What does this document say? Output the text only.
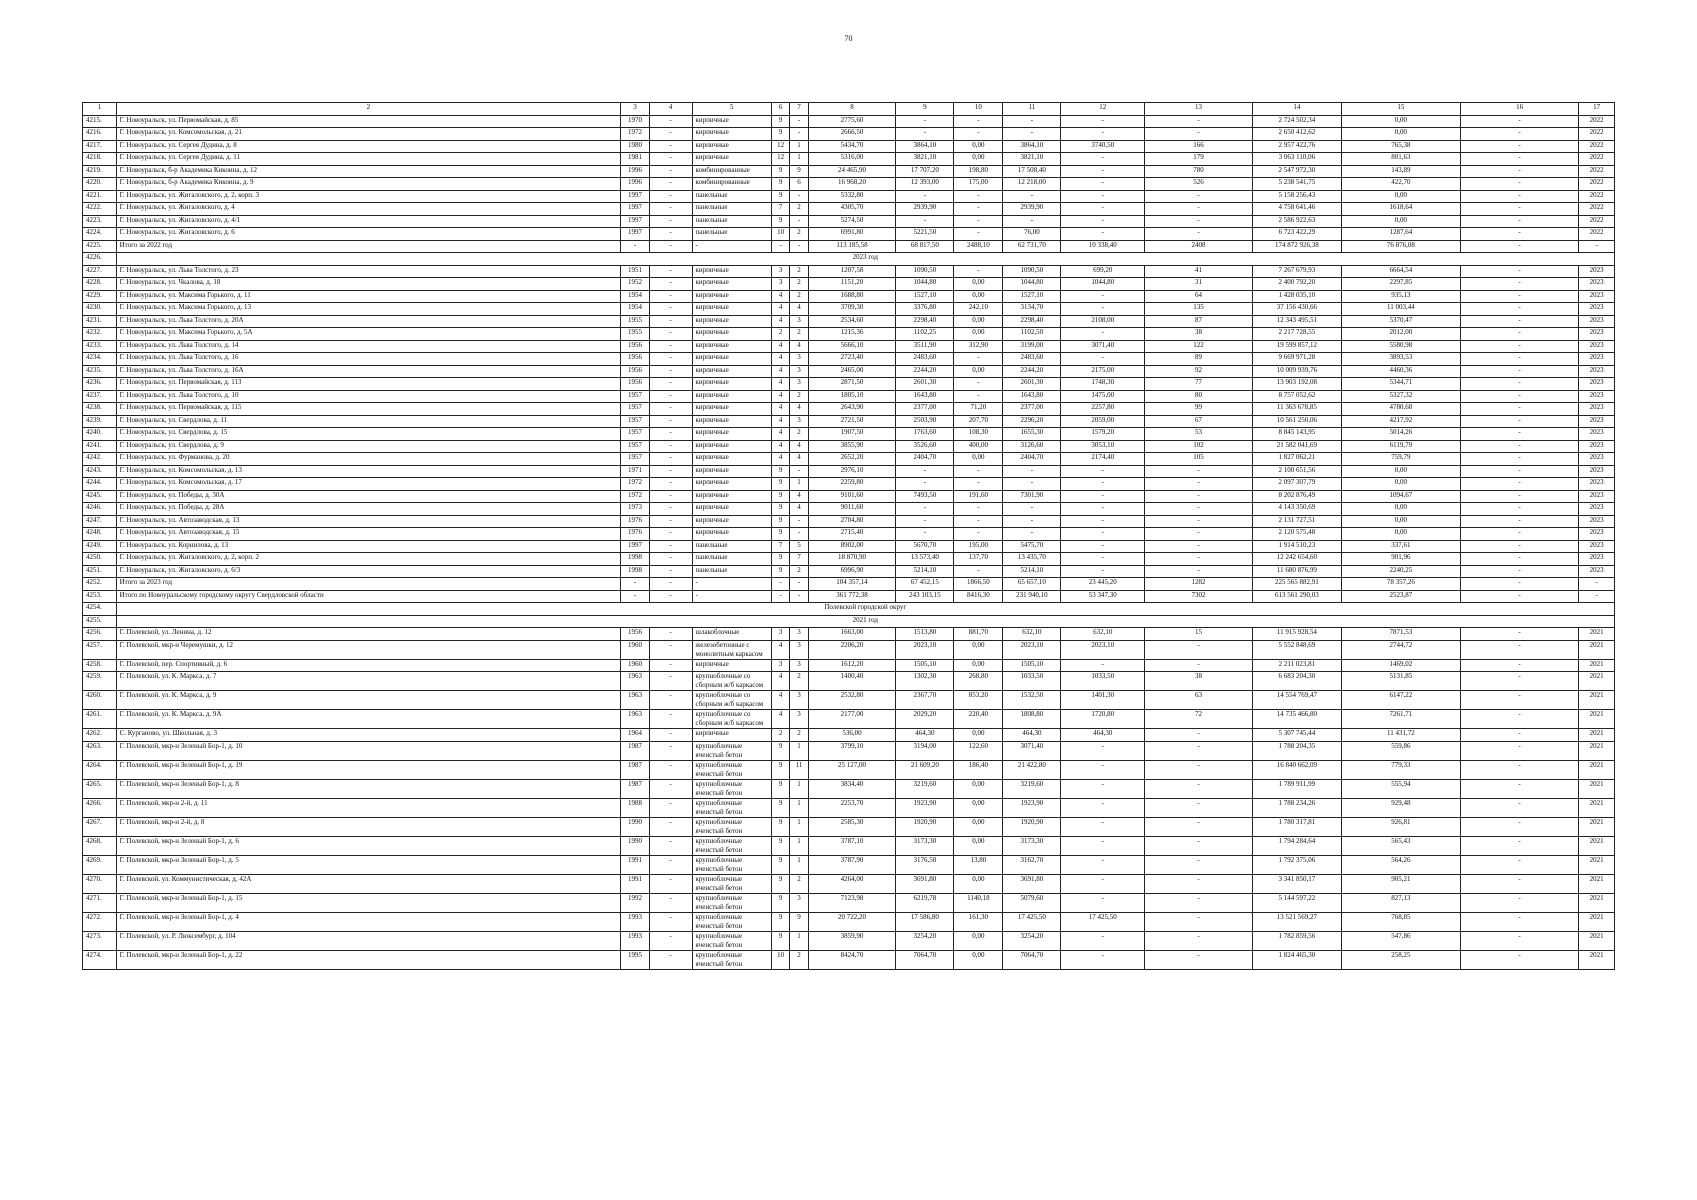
70
1	2	3	4	5	6	7	8	9	10	11	12	13	14	15	16	17
4215.	Г. Новоуральск, ул. Первомайская, д. 85	1970	-	кирпичные	9	-	2775,60	-	-	-	-	-	2 724 502,34	0,00	-	2022
4216.	Г. Новоуральск, ул. Комсомольская, д. 21	1972	-	кирпичные	9	-	2666,50	-	-	-	-	-	2 650 412,62	0,00	-	2022
4217.	Г. Новоуральск, ул. Сергея Дудина, д. 8	1980	-	кирпичные	12	1	5434,70	3864,10	0,00	3864,10	3740,50	166	2 957 422,76	765,38	-	2022
4218.	Г. Новоуральск, ул. Сергея Дудина, д. 11	1981	-	кирпичные	12	1	5316,00	3821,10	0,00	3821,10	-	179	3 063 110,06	801,63	-	2022
4219.	Г. Новоуральск, б-р Академика Кикоина, д. 12	1996	-	комбинированные	9	9	24 465,90	17 707,20	198,80	17 508,40	-	780	2 547 972,30	143,89	-	2022
4220.	Г. Новоуральск, б-р Академика Кикоина, д. 9	1996	-	комбинированные	9	6	16 968,20	12 393,00	175,00	12 218,00	-	526	5 238 541,75	422,70	-	2022
4221.	Г. Новоуральск, ул. Жигаловского, д. 2, корп. 3	1997	-	панельные	9	-	5332,80	-	-	-	-	-	5 158 256,43	0,00	-	2022
4222.	Г. Новоуральск, ул. Жигаловского, д. 4	1997	-	панельные	7	2	4305,70	2939,90	-	2939,90	-	-	4 758 641,46	1618,64	-	2022
4223.	Г. Новоуральск, ул. Жигаловского, д. 4/1	1997	-	панельные	9	-	5274,50	-	-	-	-	-	2 586 922,63	0,00	-	2022
4224.	Г. Новоуральск, ул. Жигаловского, д. 6	1997	-	панельные	10	2	6991,80	5221,50	-	76,00	-	-	6 723 422,29	1287,64	-	2022
4225.	Итого за 2022 год	-	-	-	-	-	113 185,58	68 817,50	2488,10	62 731,70	10 338,40	2408	174 872 926,38	76 876,08	-	-
4226.	2023 год															
4227.	Г. Новоуральск, ул. Льва Толстого, д. 23	1951	-	кирпичные	3	2	1207,58	1090,50	-	1090,50	699,20	41	7 267 679,93	6664,54	-	2023
4228.	Г. Новоуральск, ул. Чкалова, д. 18	1952	-	кирпичные	3	2	1151,20	1044,80	0,00	1044,80	1044,80	31	2 400 792,20	2297,85	-	2023
4229.	Г. Новоуральск, ул. Максима Горького, д. 11	1954	-	кирпичные	4	2	1688,80	1527,10	0,00	1527,10	-	64	1 428 035,10	935,13	-	2023
4230.	Г. Новоуральск, ул. Максима Горького, д. 13	1954	-	кирпичные	4	4	3709,30	3376,80	242,10	3134,70	-	135	37 156 430,66	11 003,44	-	2023
4231.	Г. Новоуральск, ул. Льва Толстого, д. 20А	1955	-	кирпичные	4	3	2534,60	2298,40	0,00	2298,40	2108,00	87	12 343 495,51	5370,47	-	2023
4232.	Г. Новоуральск, ул. Максима Горького, д. 5А	1955	-	кирпичные	2	2	1215,36	1102,25	0,00	1102,50	-	38	2 217 728,55	2012,00	-	2023
4233.	Г. Новоуральск, ул. Льва Толстого, д. 14	1956	-	кирпичные	4	4	5666,10	3511,90	312,90	3199,00	3071,40	122	19 599 857,12	5580,98	-	2023
4234.	Г. Новоуральск, ул. Льва Толстого, д. 16	1956	-	кирпичные	4	3	2723,40	2483,60	-	2483,60	-	89	9 669 971,28	3893,53	-	2023
4235.	Г. Новоуральск, ул. Льва Толстого, д. 16А	1956	-	кирпичные	4	3	2465,00	2244,20	0,00	2244,20	2175,00	92	10 009 939,76	4460,36	-	2023
4236.	Г. Новоуральск, ул. Первомайская, д. 113	1956	-	кирпичные	4	3	2871,50	2601,30	-	2601,30	1748,30	77	13 903 192,08	5344,71	-	2023
4237.	Г. Новоуральск, ул. Льва Толстого, д. 10	1957	-	кирпичные	4	2	1805,10	1643,80	-	1643,80	1475,00	80	8 757 052,62	5327,32	-	2023
4238.	Г. Новоуральск, ул. Первомайская, д. 115	1957	-	кирпичные	4	4	2643,90	2377,00	71,20	2377,00	2257,80	99	11 363 678,85	4780,68	-	2023
4239.	Г. Новоуральск, ул. Свердлова, д. 11	1957	-	кирпичные	4	3	2721,50	2503,90	207,70	2296,20	2059,00	67	10 561 250,06	4217,92	-	2023
4240.	Г. Новоуральск, ул. Свердлова, д. 15	1957	-	кирпичные	4	2	1907,50	1763,60	108,30	1655,30	1579,20	53	8 845 143,95	5014,26	-	2023
4241.	Г. Новоуральск, ул. Свердлова, д. 9	1957	-	кирпичные	4	4	3855,90	3526,60	400,00	3126,60	3053,10	102	21 582 041,69	6119,79	-	2023
4242.	Г. Новоуральск, ул. Фурманова, д. 20	1957	-	кирпичные	4	4	2652,20	2404,70	0,00	2404,70	2174,40	105	1 827 062,21	759,79	-	2023
4243.	Г. Новоуральск, ул. Комсомольская, д. 13	1971	-	кирпичные	9	-	2976,10	-	-	-	-	-	2 100 651,56	0,00	-	2023
4244.	Г. Новоуральск, ул. Комсомольская, д. 17	1972	-	кирпичные	9	1	2259,80	-	-	-	-	-	2 097 307,79	0,00	-	2023
4245.	Г. Новоуральск, ул. Победы, д. 30А	1972	-	кирпичные	9	4	9101,60	7493,50	191,60	7301,90	-	-	8 202 876,49	1094,67	-	2023
4246.	Г. Новоуральск, ул. Победы, д. 28А	1973	-	кирпичные	9	4	9011,60	-	-	-	-	-	4 143 350,69	0,00	-	2023
4247.	Г. Новоуральск, ул. Автозаводская, д. 13	1976	-	кирпичные	9	-	2704,80	-	-	-	-	-	2 131 727,51	0,00	-	2023
4248.	Г. Новоуральск, ул. Автозаводская, д. 15	1976	-	кирпичные	9	-	2715,40	-	-	-	-	-	2 120 575,48	0,00	-	2023
4249.	Г. Новоуральск, ул. Корнилова, д. 13	1997	-	панельные	7	5	8902,00	5670,70	195,00	5475,70	-	-	1 914 510,23	337,61	-	2023
4250.	Г. Новоуральск, ул. Жигаловского, д. 2, корп. 2	1998	-	панельные	9	7	18 870,90	13 573,40	137,70	13 435,70	-	-	12 242 654,60	901,96	-	2023
4251.	Г. Новоуральск, ул. Жигаловского, д. 6/3	1998	-	панельные	9	2	6996,90	5214,10	-	5214,10	-	-	11 680 876,99	2240,25	-	2023
4252.	Итого за 2023 год	-	-	-	-	-	104 357,14	67 452,15	1866,50	65 657,10	23 445,20	1282	225 565 882,91	78 357,26	-	-
4253.	Итого по Новоуральскому городскому округу Свердловской области	-	-	-	-	-	361 772,38	243 103,15	8416,30	231 940,10	53 347,30	7302	613 561 290,03	2523,87	-	-
4254.	Полевской городской округ															
4255.	2021 год															
4256.	Г. Полевской, ул. Ленина, д. 12	1956	-	шлакоблочные	3	3	1663,00	1513,80	881,70	632,10	632,10	15	11 915 928,54	7871,53	-	2021
4257.	Г. Полевской, мкр-н Черемушки, д. 12	1960	-	железобетонные с монолитным каркасом	4	3	2206,20	2023,10	0,00	2023,10	2023,10	-	5 552 848,69	2744,72	-	2021
4258.	Г. Полевской, пер. Спортивный, д. 6	1960	-	кирпичные	3	3	1612,20	1505,10	0,00	1505,10	-	-	2 211 023,81	1469,02	-	2021
4259.	Г. Полевской, ул. К. Маркса, д. 7	1963	-	крупноблочные со сборным ж/б каркасом	4	2	1400,40	1302,30	268,80	1033,50	1033,50	38	6 683 204,30	5131,85	-	2021
4260.	Г. Полевской, ул. К. Маркса, д. 9	1963	-	крупноблочные со сборным ж/б каркасом	4	3	2532,80	2367,70	853,20	1532,50	1401,30	63	14 554 769,47	6147,22	-	2021
4261.	Г. Полевской, ул. К. Маркса, д. 9А	1963	-	крупноблочные со сборным ж/б каркасом	4	3	2177,00	2029,20	220,40	1808,80	1720,80	72	14 735 466,80	7261,71	-	2021
4262.	С. Курганово, ул. Школьная, д. 3	1964	-	кирпичные	2	2	536,00	464,30	0,00	464,30	464,30	-	5 307 745,44	11 431,72	-	2021
4263.	Г. Полевской, мкр-н Зеленый Бор-1, д. 10	1987	-	крупноблочные ячеистый бетон	9	1	3799,10	3194,00	122,60	3071,40	-	-	1 788 204,35	559,86	-	2021
4264.	Г. Полевской, мкр-н Зеленый Бор-1, д. 19	1987	-	крупноблочные ячеистый бетон	9	11	25 127,00	21 609,20	186,40	21 422,80	-	-	16 840 662,09	779,33	-	2021
4265.	Г. Полевской, мкр-н Зеленый Бор-1, д. 8	1987	-	крупноблочные ячеистый бетон	9	1	3834,40	3219,60	0,00	3219,60	-	-	1 789 911,99	555,94	-	2021
4266.	Г. Полевской, мкр-н 2-й, д. 11	1988	-	крупноблочные ячеистый бетон	9	1	2253,70	1923,90	0,00	1923,90	-	-	1 788 234,26	929,48	-	2021
4267.	Г. Полевской, мкр-н 2-й, д. 8	1990	-	крупноблочные ячеистый бетон	9	1	2585,30	1920,90	0,00	1920,90	-	-	1 780 317,81	926,81	-	2021
4268.	Г. Полевской, мкр-н Зеленый Бор-1, д. 6	1990	-	крупноблочные ячеистый бетон	9	1	3787,10	3173,30	0,00	3173,30	-	-	1 794 284,64	565,43	-	2021
4269.	Г. Полевской, мкр-н Зеленый Бор-1, д. 5	1991	-	крупноблочные ячеистый бетон	9	1	3787,90	3176,50	13,80	3162,70	-	-	1 792 375,06	564,26	-	2021
4270.	Г. Полевской, ул. Коммунистическая, д. 42А	1991	-	крупноблочные ячеистый бетон	9	2	4264,00	3691,80	0,00	3691,80	-	-	3 341 850,17	905,21	-	2021
4271.	Г. Полевской, мкр-н Зеленый Бор-1, д. 15	1992	-	крупноблочные ячеистый бетон	9	3	7123,98	6219,78	1140,18	5079,60	-	-	5 144 597,22	827,13	-	2021
4272.	Г. Полевской, мкр-н Зеленый Бор-1, д. 4	1993	-	крупноблочные ячеистый бетон	9	9	20 722,20	17 586,80	161,30	17 425,50	17 425,50	-	13 521 569,27	768,85	-	2021
4273.	Г. Полевской, ул. Р. Люксембург, д. 104	1993	-	крупноблочные ячеистый бетон	9	1	3859,90	3254,20	0,00	3254,20	-	-	1 782 859,56	547,86	-	2021
4274.	Г. Полевской, мкр-н Зеленый Бор-1, д. 22	1995	-	крупноблочные ячеистый бетон	10	2	8424,70	7064,70	0,00	7064,70	-	-	1 824 465,30	258,25	-	2021
